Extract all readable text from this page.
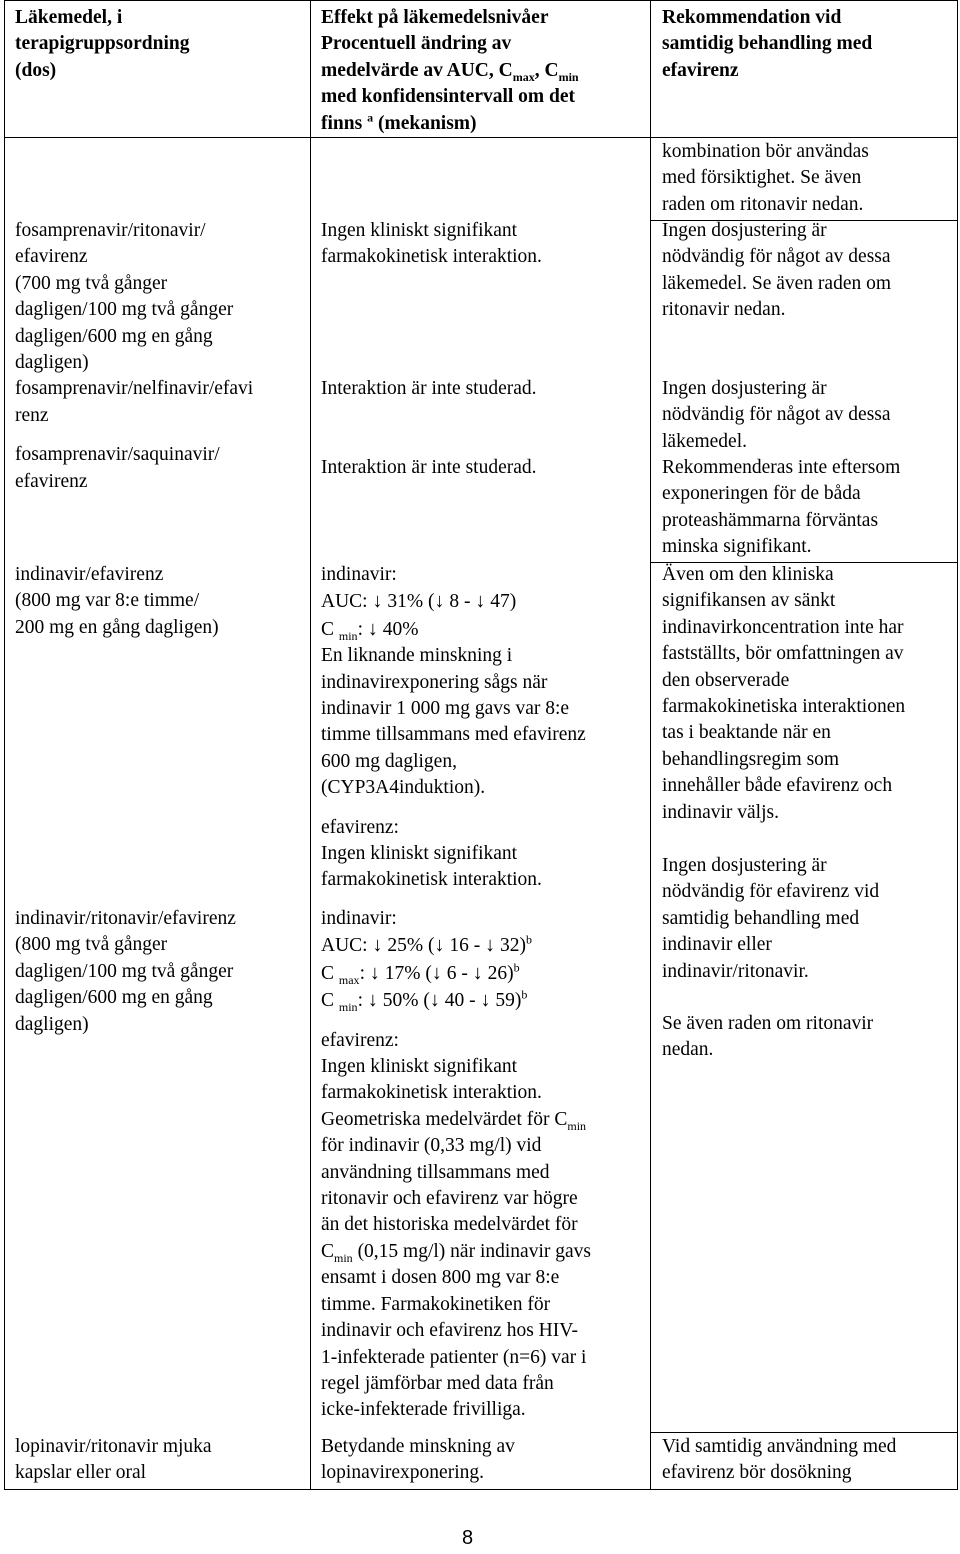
Läkemedel, i
terapigruppsordning
(dos)
Effekt på läkemedelsnivåer
Procentuell ändring av
medelvärde av AUC, $C_{max}$, $C_{min}$
med konfidensintervall om det
finns $^a$ (mekanism)
Rekommendation vid
samtidig behandling med
efavirenz
kombination bör användas
med försiktighet. Se även
raden om ritonavir nedan.
fosamprenavir/ritonavir/
efavirenz
(700 mg två gånger
dagligen/100 mg två gånger
dagligen/600 mg en gång
dagligen)
fosamprenavir/nelfinavir/efavi
renz
fosamprenavir/saquinavir/
efavirenz
Ingen kliniskt signifikant
farmakokinetisk interaktion.
Interaktion är inte studerad.
Interaktion är inte studerad.
Ingen dosjustering är
nödvändig för något av dessa
läkemedel. Se även raden om
ritonavir nedan.
Ingen dosjustering är
nödvändig för något av dessa
läkemedel.
Rekommenderas inte eftersom
exponeringen för de båda
proteashämmarna förväntas
minska signifikant.
indinavir/efavirenz
(800 mg var 8:e timme/
200 mg en gång dagligen)
indinavir:
AUC: ↓ 31% (↓ 8 - ↓ 47)
C $_{min}$: ↓ 40%
En liknande minskning i
indinavirexponering sågs när
indinavir 1 000 mg gavs var 8:e
timme tillsammans med efavirenz
600 mg dagligen,
(CYP3A4induktion).
efavirenz:
Ingen kliniskt signifikant
farmakokinetisk interaktion.
Även om den kliniska
signifikansen av sänkt
indinavirkoncentration inte har
fastställts, bör omfattningen av
den observerade
farmakokinetiska interaktionen
tas i beaktande när en
behandlingsregim som
innehåller både efavirenz och
indinavir väljs.
indinavir/ritonavir/efavirenz
(800 mg två gånger
dagligen/100 mg två gånger
dagligen/600 mg en gång
dagligen)
indinavir:
AUC: ↓ 25% (↓ 16 - ↓ 32)$^b$
C $_{max}$: ↓ 17% (↓ 6 - ↓ 26)$^b$
C $_{min}$: ↓ 50% (↓ 40 - ↓ 59)$^b$
efavirenz:
Ingen kliniskt signifikant
farmakokinetisk interaktion.
Geometriska medelvärdet för $C_{min}$
för indinavir (0,33 mg/l) vid
användning tillsammans med
ritonavir och efavirenz var högre
än det historiska medelvärdet för
$C_{min}$ (0,15 mg/l) när indinavir gavs
ensamt i dosen 800 mg var 8:e
timme. Farmakokinetiken för
indinavir och efavirenz hos HIV-
1-infekterade patienter (n=6) var i
regel jämförbar med data från
icke-infekterade frivilliga.
Ingen dosjustering är
nödvändig för efavirenz vid
samtidig behandling med
indinavir eller
indinavir/ritonavir.
Se även raden om ritonavir
nedan.
lopinavir/ritonavir mjuka
kapslar eller oral
Betydande minskning av
lopinavirexponering.
Vid samtidig användning med
efavirenz bör dosökning
8
